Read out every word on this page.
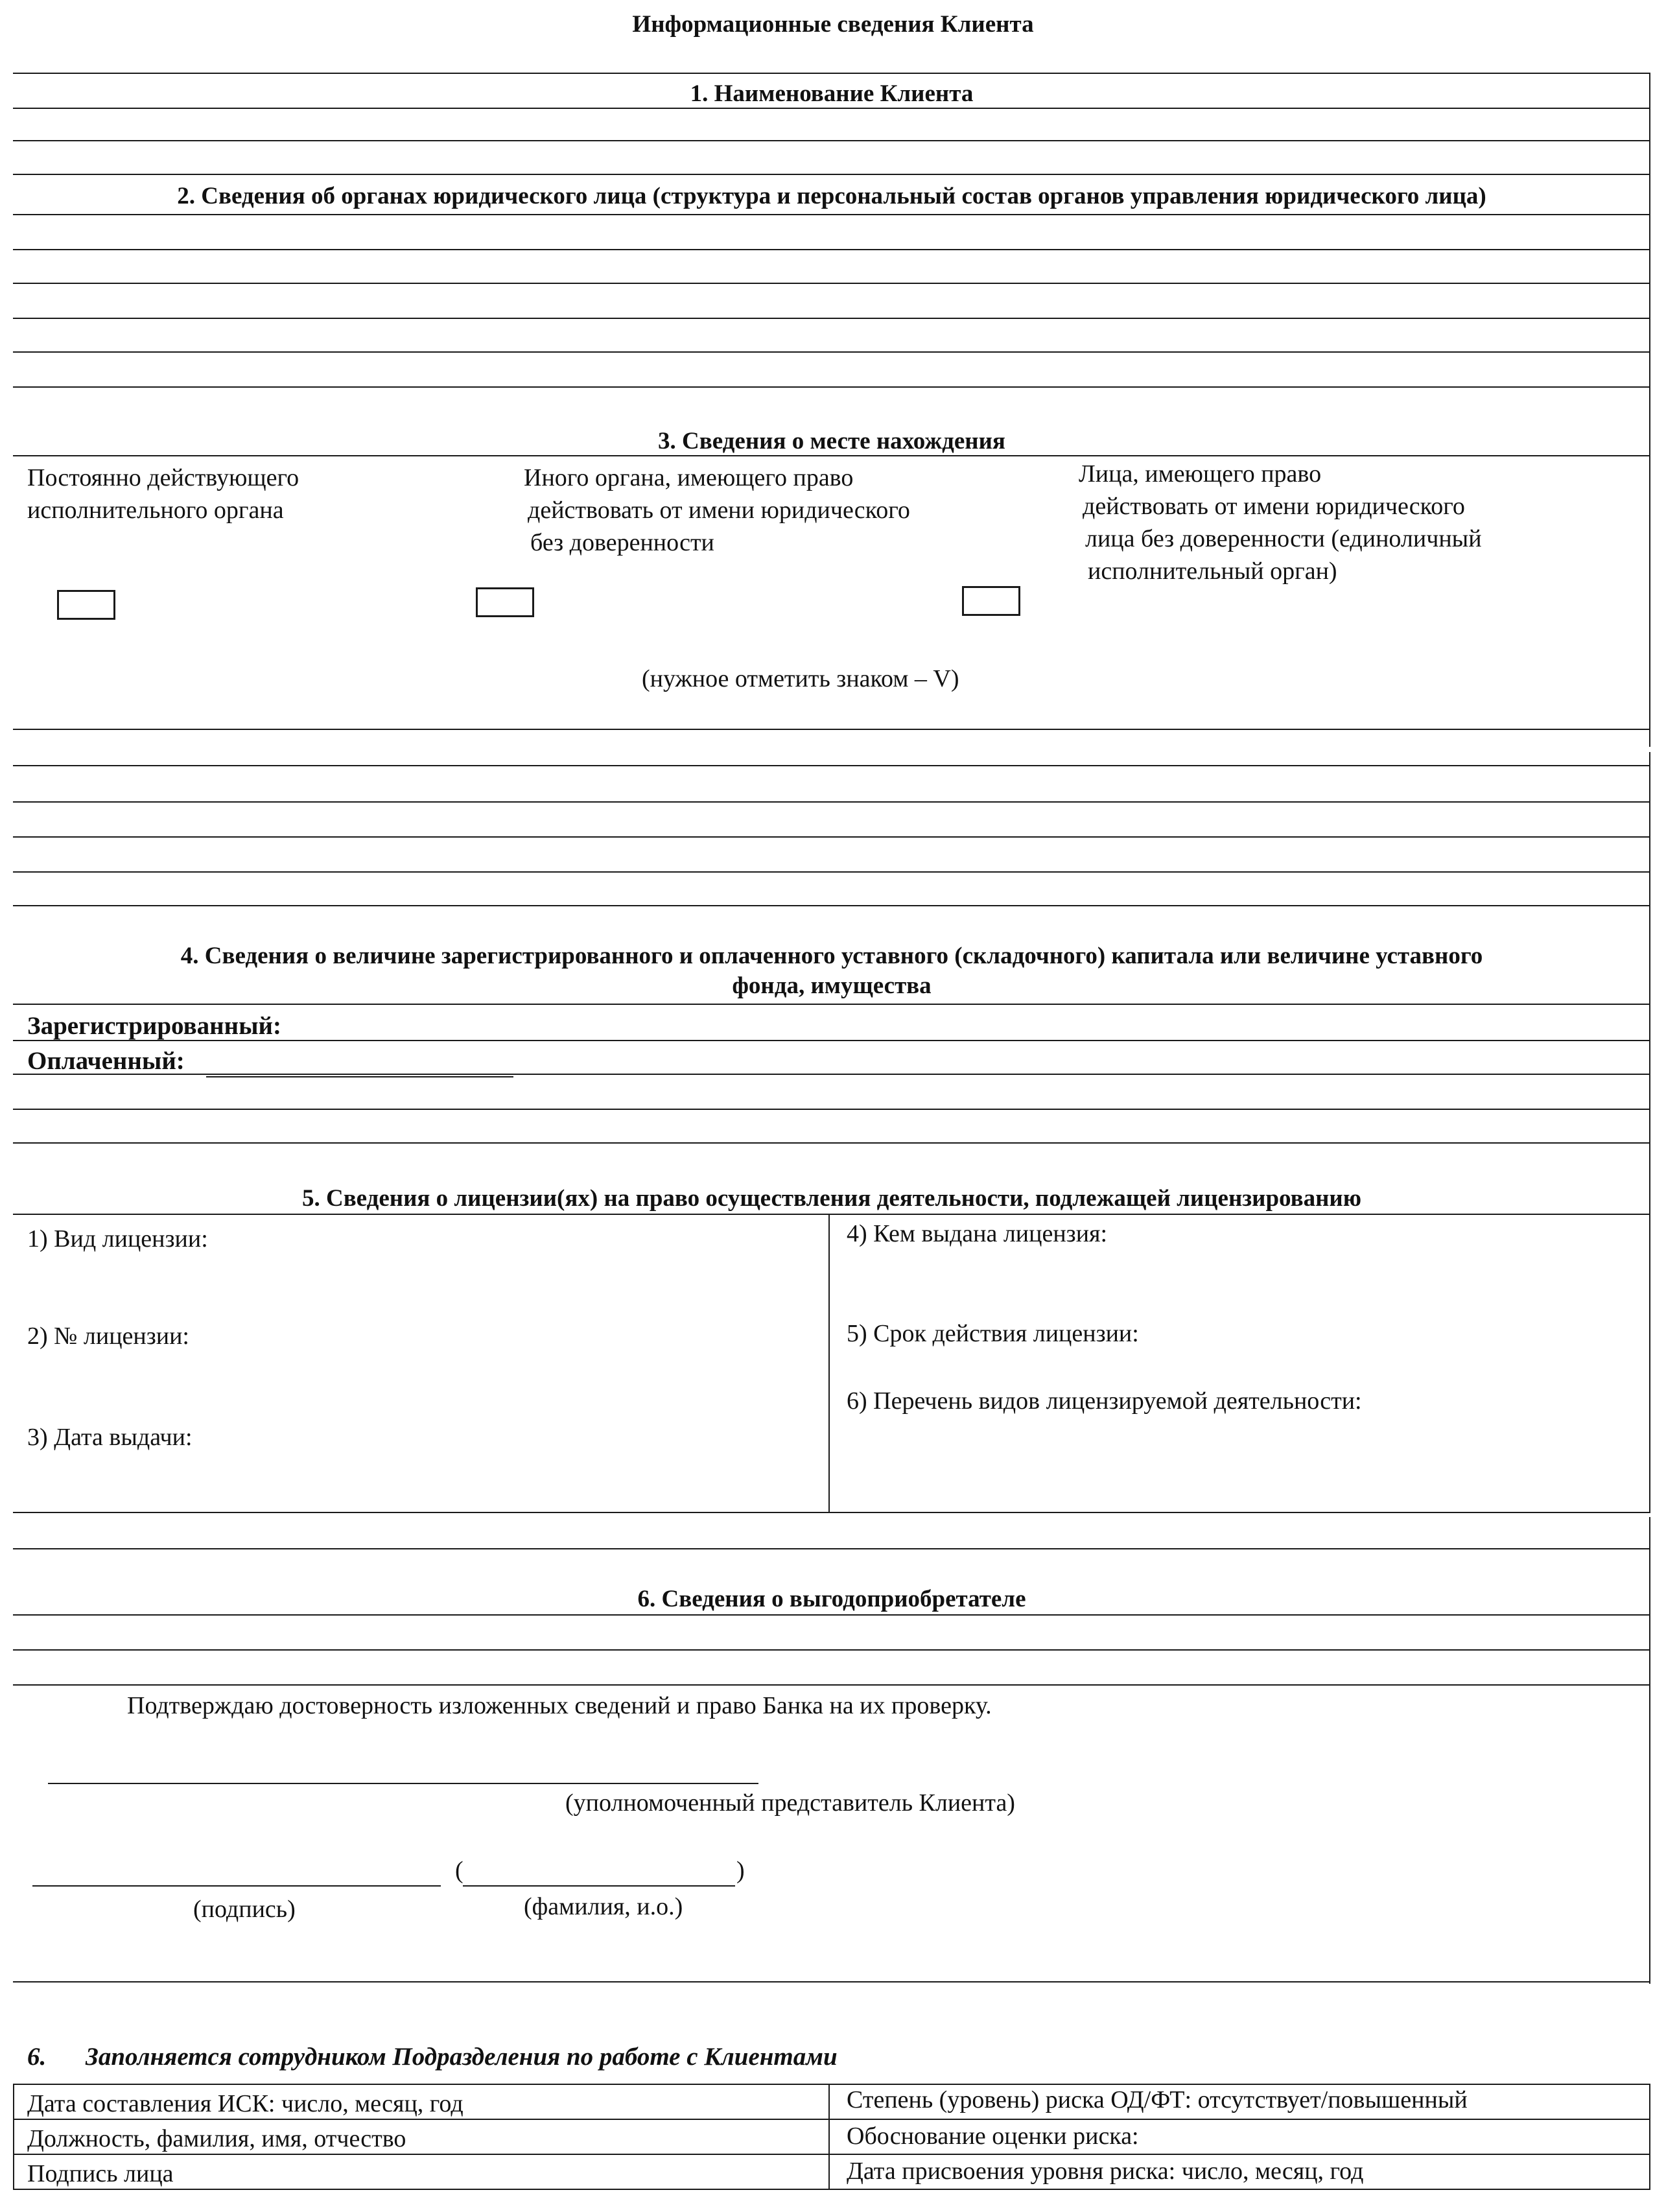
Информационные сведения Клиента
1. Наименование Клиента
2. Сведения об органах юридического лица (структура и персональный состав органов управления юридического лица)
3. Сведения о месте нахождения
Постоянно действующего
исполнительного органа
Иного органа, имеющего право
действовать от имени юридического
без доверенности
Лица, имеющего право
действовать от имени юридического
лица без доверенности (единоличный
исполнительный орган)
(нужное отметить знаком – V)
4. Сведения о величине зарегистрированного и оплаченного уставного (складочного) капитала или величине уставного
фонда, имущества
Зарегистрированный:
Оплаченный:
5. Сведения о лицензии(ях) на право осуществления деятельности, подлежащей лицензированию
1) Вид лицензии:
2) № лицензии:
3) Дата выдачи:
4) Кем выдана лицензия:
5) Срок действия лицензии:
6) Перечень видов лицензируемой деятельности:
6. Сведения о выгодоприобретателе
Подтверждаю достоверность изложенных сведений и право Банка на их проверку.
(уполномоченный представитель Клиента)
(	)
(подпись)	(фамилия, и.о.)
6. Заполняется сотрудником Подразделения по работе с Клиентами
Дата составления ИСК: число, месяц, год
Должность, фамилия, имя, отчество
Подпись лица
Степень (уровень) риска ОД/ФТ: отсутствует/повышенный
Обоснование оценки риска:
Дата присвоения уровня риска: число, месяц, год
